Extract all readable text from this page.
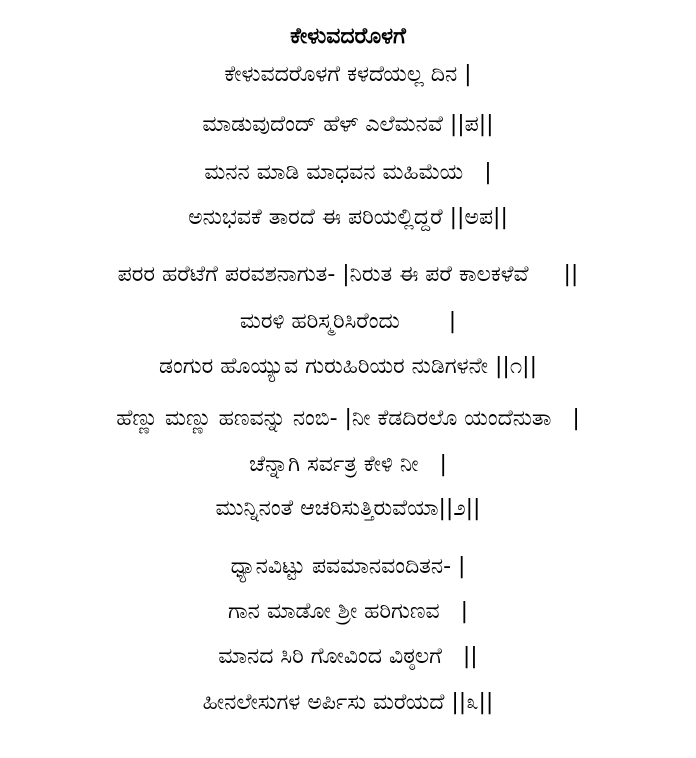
ಕೇಳುವದರೊಳಗೆ
ಕೇಳುವದರೊಳಗೆ ಕಳದೆಯಲ್ಲ ದಿನ |
ಮಾಡುವುದೆಂದ್ ಹೆಳ್ ಎಲೆಮನವೆ ||ಪ||
ಮನನ ಮಾಡಿ ಮಾಧವನ ಮಹಿಮೆಯ   |
ಅನುಭವಕೆ ತಾರದೆ ಈ ಪರಿಯಲ್ಲಿದ್ದರೆ ||ಅಪ||
ಪರರ ಹರೆಟೆಗೆ ಪರವಶನಾಗುತ- |ನಿರುತ ಈ ಪರೆ ಕಾಲಕಳೆವೆ     ||
ಮರಳಿ ಹರಿಸ್ಮರಿಸಿರೆಂದು       |
ಡಂಗುರ ಹೊಯ್ಯುವ ಗುರುಹಿರಿಯರ ನುಡಿಗಳನೇ ||೧||
ಹೆಣ್ಣು ಮಣ್ಣು ಹಣವನ್ನು ನಂಬಿ- |ನೀ ಕೆಡದಿರಲೊ ಯಂದೆನುತಾ   |
ಚೆನ್ನಾಗಿ ಸರ್ವತ್ರ ಕೇಳಿ ನೀ   |
ಮುನ್ನಿನಂತೆ ಆಚರಿಸುತ್ತಿರುವೆಯಾ||೨||
ಧ್ಯಾನವಿಟ್ಟು ಪವಮಾನವಂದಿತನ- |
ಗಾನ ಮಾಡೋ ಶ್ರೀ ಹರಿಗುಣವ   |
ಮಾನದ ಸಿರಿ ಗೋವಿಂದ ವಿಠ್ಠಲಗೆ   ||
ಹೀನಲೇಸುಗಳ ಅರ್ಪಿಸು ಮರೆಯದೆ ||೩||
